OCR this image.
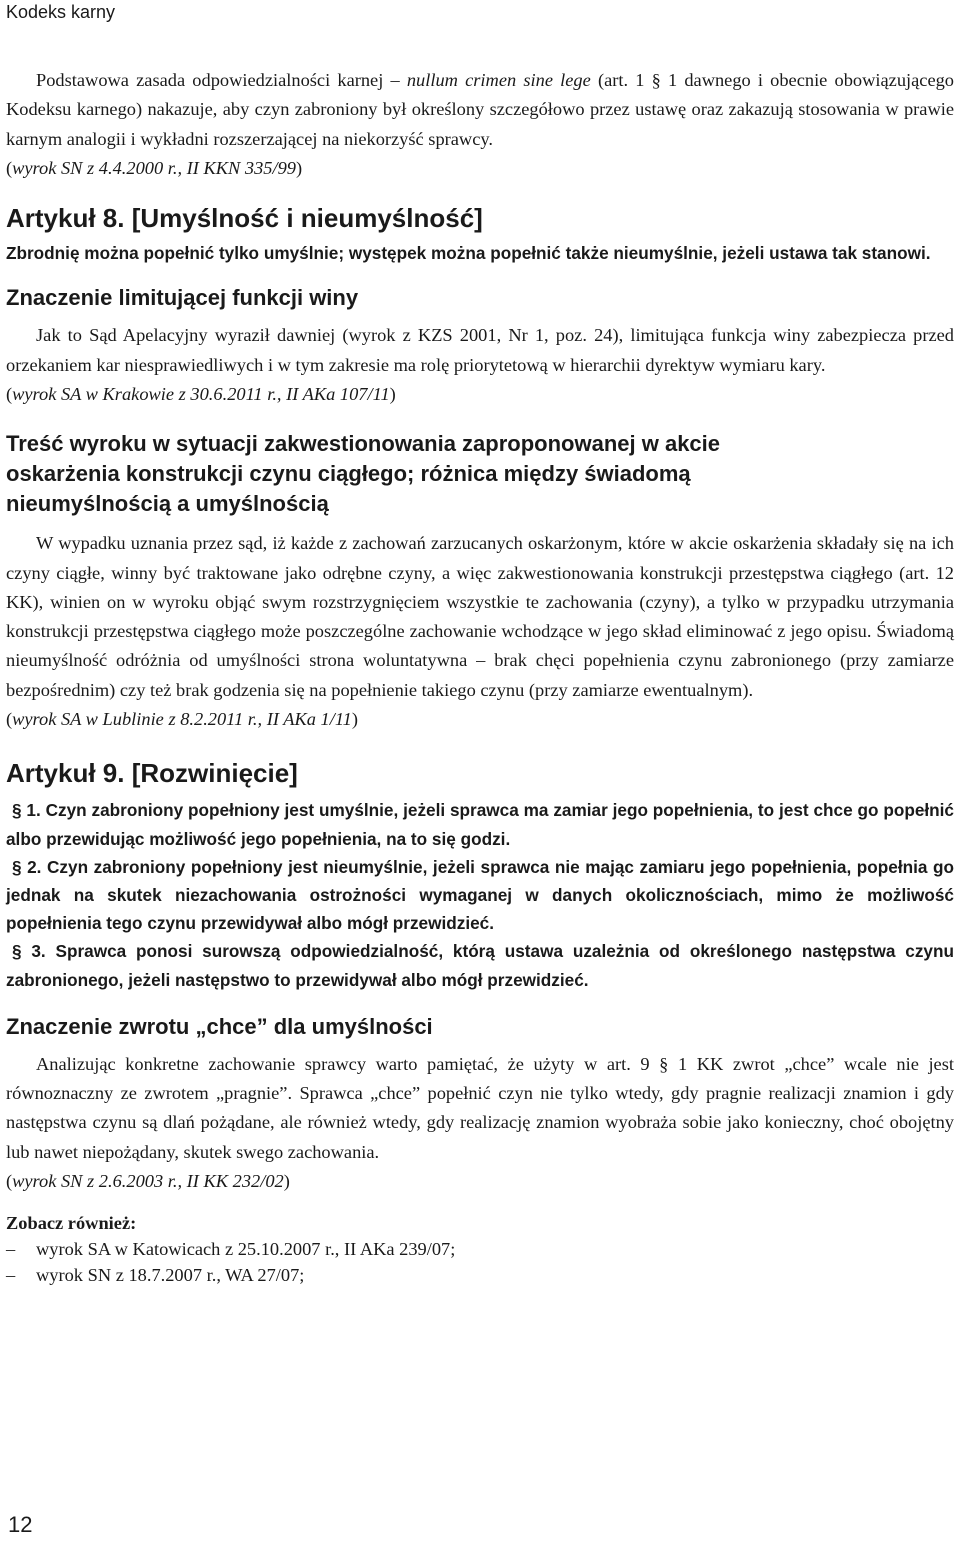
Kodeks karny

Podstawowa zasada odpowiedzialności karnej – nullum crimen sine lege (art. 1 § 1 dawnego i obecnie obowiązującego Kodeksu karnego) nakazuje, aby czyn zabroniony był określony szczegółowo przez ustawę oraz zakazują stosowania w prawie karnym analogii i wykładni rozszerzającej na niekorzyść sprawcy.

(wyrok SN z 4.4.2000 r., II KKN 335/99)

Artykuł 8. [Umyślność i nieumyślność]

Zbrodnię można popełnić tylko umyślnie; występek można popełnić także nieumyślnie, jeżeli ustawa tak stanowi.

Znaczenie limitującej funkcji winy

Jak to Sąd Apelacyjny wyraził dawniej (wyrok z KZS 2001, Nr 1, poz. 24), limitująca funkcja winy zabezpiecza przed orzekaniem kar niesprawiedliwych i w tym zakresie ma rolę priorytetową w hierarchii dyrektyw wymiaru kary.

(wyrok SA w Krakowie z 30.6.2011 r., II AKa 107/11)

Treść wyroku w sytuacji zakwestionowania zaproponowanej w akcie oskarżenia konstrukcji czynu ciągłego; różnica między świadomą nieumyślnością a umyślnością

W wypadku uznania przez sąd, iż każde z zachowań zarzucanych oskarżonym, które w akcie oskarżenia składały się na ich czyny ciągłe, winny być traktowane jako odrębne czyny, a więc zakwestionowania konstrukcji przestępstwa ciągłego (art. 12 KK), winien on w wyroku objąć swym rozstrzygnięciem wszystkie te zachowania (czyny), a tylko w przypadku utrzymania konstrukcji przestępstwa ciągłego może poszczególne zachowanie wchodzące w jego skład eliminować z jego opisu. Świadomą nieumyślność odróżnia od umyślności strona woluntatywna – brak chęci popełnienia czynu zabronionego (przy zamiarze bezpośrednim) czy też brak godzenia się na popełnienie takiego czynu (przy zamiarze ewentualnym).

(wyrok SA w Lublinie z 8.2.2011 r., II AKa 1/11)

Artykuł 9. [Rozwinięcie]

§ 1. Czyn zabroniony popełniony jest umyślnie, jeżeli sprawca ma zamiar jego popełnienia, to jest chce go popełnić albo przewidując możliwość jego popełnienia, na to się godzi.

§ 2. Czyn zabroniony popełniony jest nieumyślnie, jeżeli sprawca nie mając zamiaru jego popełnienia, popełnia go jednak na skutek niezachowania ostrożności wymaganej w danych okolicznościach, mimo że możliwość popełnienia tego czynu przewidywał albo mógł przewidzieć.

§ 3. Sprawca ponosi surowszą odpowiedzialność, którą ustawa uzależnia od określonego następstwa czynu zabronionego, jeżeli następstwo to przewidywał albo mógł przewidzieć.

Znaczenie zwrotu „chce” dla umyślności

Analizując konkretne zachowanie sprawcy warto pamiętać, że użyty w art. 9 § 1 KK zwrot „chce” wcale nie jest równoznaczny ze zwrotem „pragnie”. Sprawca „chce” popełnić czyn nie tylko wtedy, gdy pragnie realizacji znamion i gdy następstwa czynu są dlań pożądane, ale również wtedy, gdy realizację znamion wyobraża sobie jako konieczny, choć obojętny lub nawet niepożądany, skutek swego zachowania.

(wyrok SN z 2.6.2003 r., II KK 232/02)

Zobacz również:

– wyrok SA w Katowicach z 25.10.2007 r., II AKa 239/07;
– wyrok SN z 18.7.2007 r., WA 27/07;
12
